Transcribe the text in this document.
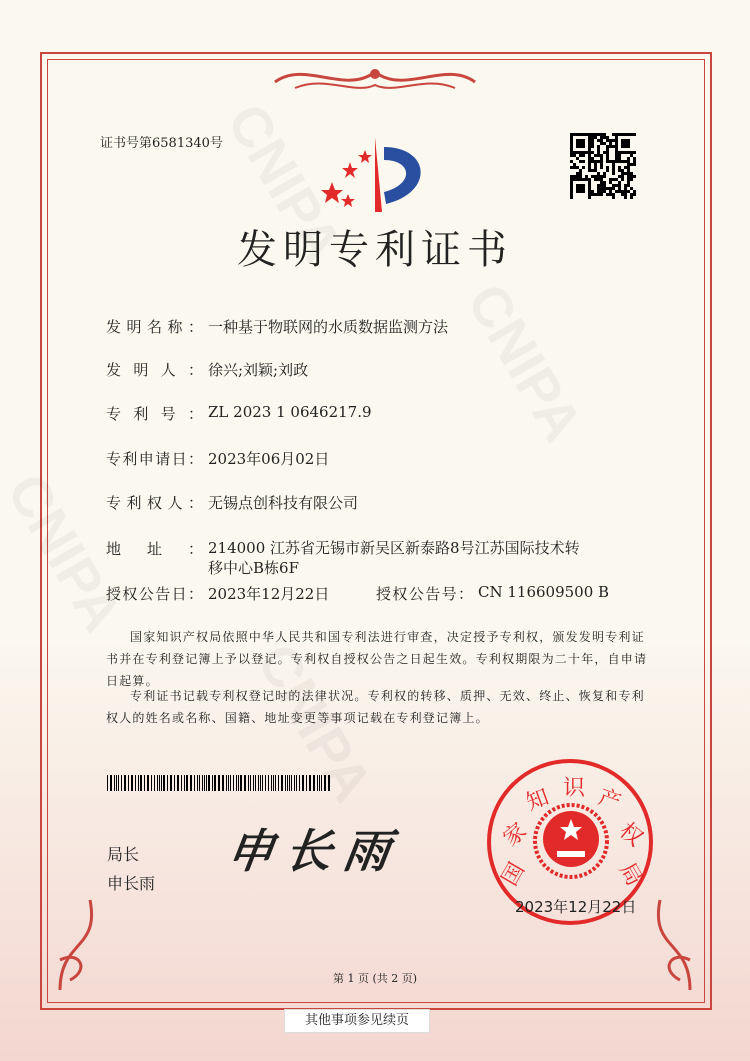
证书号第6581340号
发明专利证书
发明名称： 一种基于物联网的水质数据监测方法
发明人： 徐兴;刘颖;刘政
专利号： ZL 2023 1 0646217.9
专利申请日： 2023年06月02日
专利权人： 无锡点创科技有限公司
地址： 214000 江苏省无锡市新吴区新泰路8号江苏国际技术转
移中心B栋6F
授权公告日： 2023年12月22日	授权公告号： CN 116609500 B
国家知识产权局依照中华人民共和国专利法进行审查，决定授予专利权，颁发发明专利证书并在专利登记簿上予以登记。专利权自授权公告之日起生效。专利权期限为二十年，自申请日起算。
专利证书记载专利权登记时的法律状况。专利权的转移、质押、无效、终止、恢复和专利权人的姓名或名称、国籍、地址变更等事项记载在专利登记簿上。
局长
申长雨
申长雨	国
家
知 识 产
权
局
2023年12月22日
第 1 页 (共 2 页)
其他事项参见续页
